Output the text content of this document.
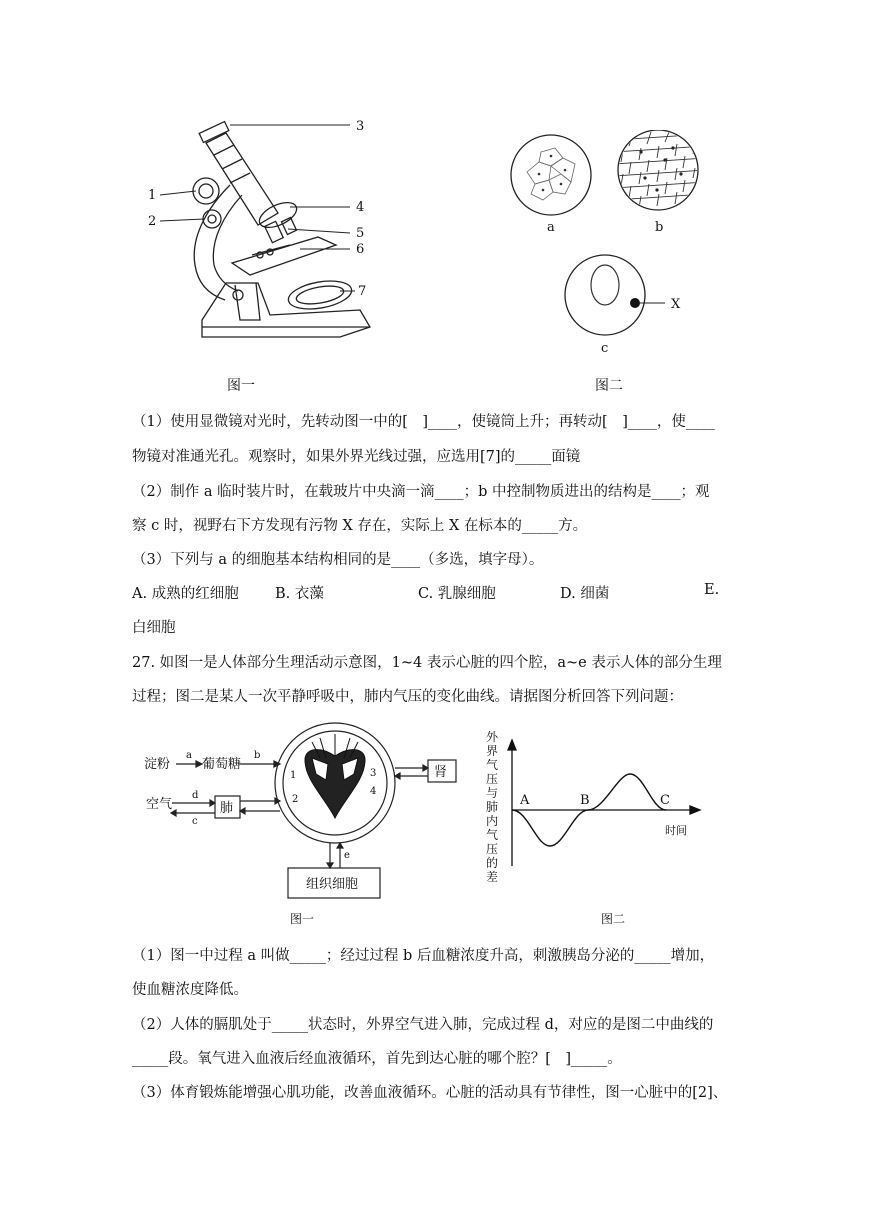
3
1
2
4
5
6
7
图一
a	b
c
X
图二
（1）使用显微镜对光时，先转动图一中的[　]____，使镜筒上升；再转动[　]____，使____
物镜对准通光孔。观察时，如果外界光线过强，应选用[7]的_____面镜
（2）制作 a 临时装片时，在载玻片中央滴一滴____；b 中控制物质进出的结构是____；观
察 c 时，视野右下方发现有污物 X 存在，实际上 X 在标本的_____方。
（3）下列与 a 的细胞基本结构相同的是____（多选，填字母）。
A. 成熟的红细胞	B. 衣藻	C. 乳腺细胞	D. 细菌	E.
白细胞
27. 如图一是人体部分生理活动示意图，1~4 表示心脏的四个腔，a~e 表示人体的部分生理
过程；图二是某人一次平静呼吸中，肺内气压的变化曲线。请据图分析回答下列问题：
淀粉 葡萄糖
空气	肺
肾
组织细胞
a	b
c
d
e
1
2
3
4
图一
外界气压与肺内气压的差
A	B	C
时间
图二
（1）图一中过程 a 叫做_____；经过过程 b 后血糖浓度升高，刺激胰岛分泌的_____增加，
使血糖浓度降低。
（2）人体的膈肌处于_____状态时，外界空气进入肺，完成过程 d，对应的是图二中曲线的
_____段。氧气进入血液后经血液循环，首先到达心脏的哪个腔？[　]_____。
（3）体育锻炼能增强心肌功能，改善血液循环。心脏的活动具有节律性，图一心脏中的[2]、
